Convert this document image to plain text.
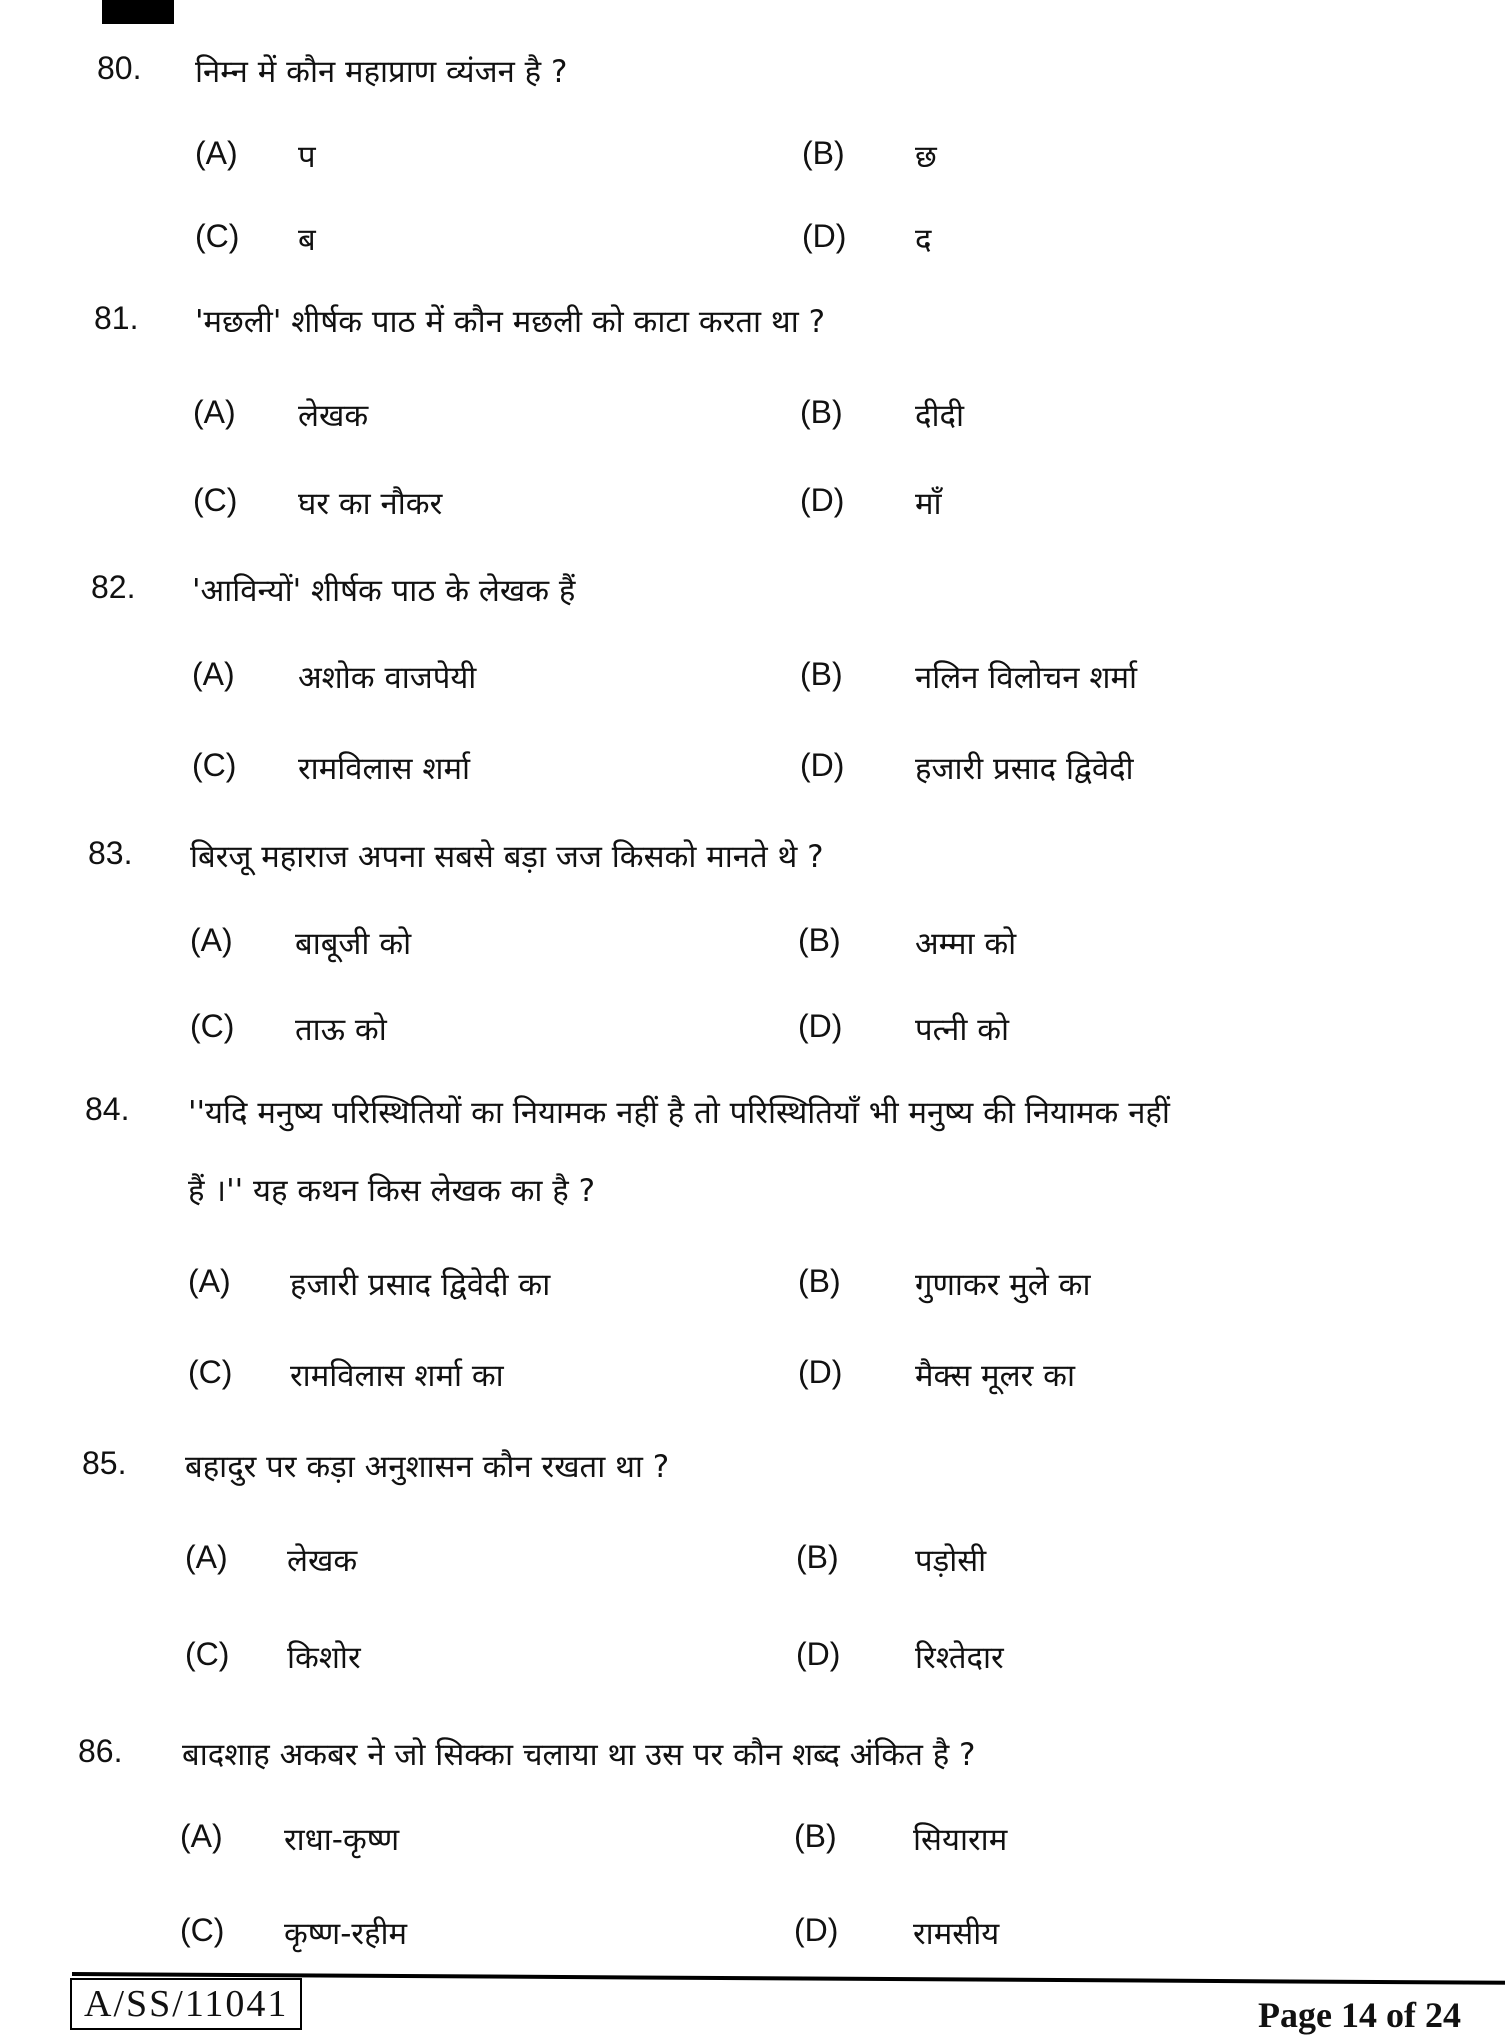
80. निम्न में कौन महाप्राण व्यंजन है ?
(A) प	(B) छ
(C) ब	(D) द
81. 'मछली' शीर्षक पाठ में कौन मछली को काटा करता था ?
(A) लेखक	(B) दीदी
(C) घर का नौकर	(D) माँ
82. 'आविन्यों' शीर्षक पाठ के लेखक हैं
(A) अशोक वाजपेयी	(B) नलिन विलोचन शर्मा
(C) रामविलास शर्मा	(D) हजारी प्रसाद द्विवेदी
83. बिरजू महाराज अपना सबसे बड़ा जज किसको मानते थे ?
(A) बाबूजी को	(B) अम्मा को
(C) ताऊ को	(D) पत्नी को
84. ''यदि मनुष्य परिस्थितियों का नियामक नहीं है तो परिस्थितियाँ भी मनुष्य की नियामक नहीं
हैं ।'' यह कथन किस लेखक का है ?
(A) हजारी प्रसाद द्विवेदी का	(B) गुणाकर मुले का
(C) रामविलास शर्मा का	(D) मैक्स मूलर का
85. बहादुर पर कड़ा अनुशासन कौन रखता था ?
(A) लेखक	(B) पड़ोसी
(C) किशोर	(D) रिश्तेदार
86. बादशाह अकबर ने जो सिक्का चलाया था उस पर कौन शब्द अंकित है ?
(A) राधा-कृष्ण	(B) सियाराम
(C) कृष्ण-रहीम	(D) रामसीय
A/SS/11041	Page 14 of 24
